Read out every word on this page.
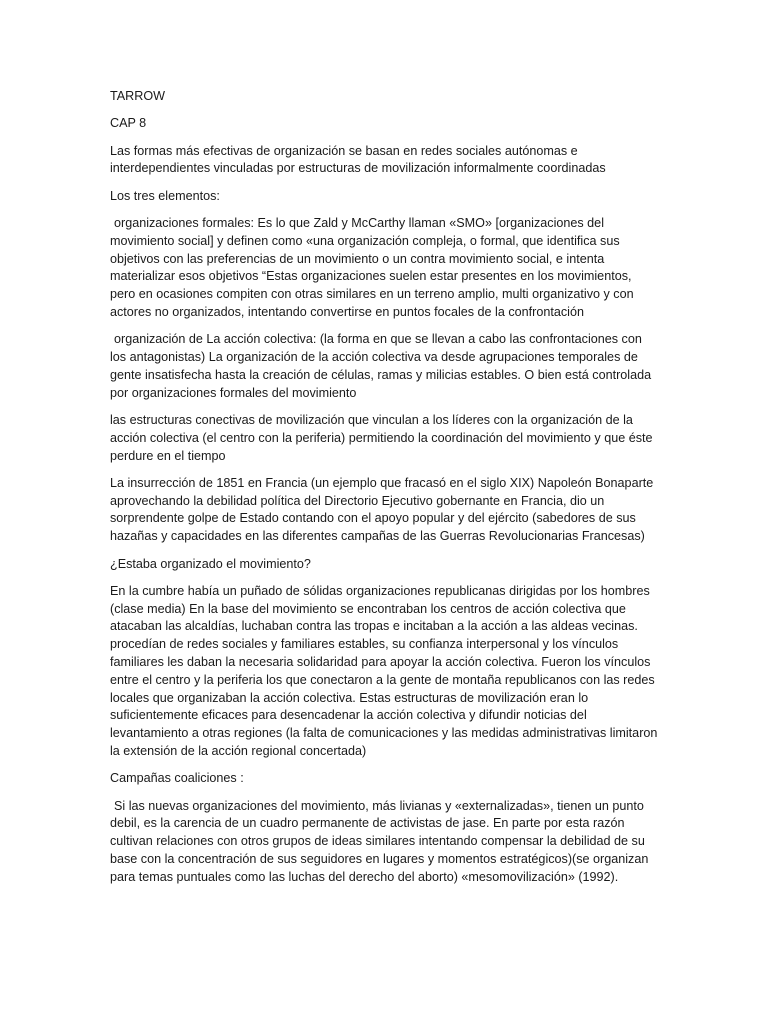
TARROW

CAP 8

Las formas más efectivas de organización se basan en redes sociales autónomas e interdependientes vinculadas por estructuras de movilización informalmente coordinadas

Los tres elementos:

organizaciones formales: Es lo que Zald y McCarthy llaman «SMO» [organizaciones del movimiento social] y definen como «una organización compleja, o formal, que identifica sus objetivos con las preferencias de un movimiento o un contra movimiento social, e intenta materializar esos objetivos “Estas organizaciones suelen estar presentes en los movimientos, pero en ocasiones compiten con otras similares en un terreno amplio, multi organizativo y con actores no organizados, intentando convertirse en puntos focales de la confrontación

organización de La acción colectiva: (la forma en que se llevan a cabo las confrontaciones con los antagonistas) La organización de la acción colectiva va desde agrupaciones temporales de gente insatisfecha hasta la creación de células, ramas y milicias estables. O bien está controlada por organizaciones formales del movimiento

las estructuras conectivas de movilización que vinculan a los líderes con la organización de la acción colectiva (el centro con la periferia) permitiendo la coordinación del movimiento y que éste perdure en el tiempo

La insurrección de 1851 en Francia (un ejemplo que fracasó en el siglo XIX) Napoleón Bonaparte aprovechando la debilidad política del Directorio Ejecutivo gobernante en Francia, dio un sorprendente golpe de Estado contando con el apoyo popular y del ejército (sabedores de sus hazañas y capacidades en las diferentes campañas de las Guerras Revolucionarias Francesas)

¿Estaba organizado el movimiento?

En la cumbre había un puñado de sólidas organizaciones republicanas dirigidas por los hombres (clase media) En la base del movimiento se encontraban los centros de acción colectiva que atacaban las alcaldías, luchaban contra las tropas e incitaban a la acción a las aldeas vecinas. procedían de redes sociales y familiares estables, su confianza interpersonal y los vínculos familiares les daban la necesaria solidaridad para apoyar la acción colectiva. Fueron los vínculos entre el centro y la periferia los que conectaron a la gente de montaña republicanos con las redes locales que organizaban la acción colectiva. Estas estructuras de movilización eran lo suficientemente eficaces para desencadenar la acción colectiva y difundir noticias del levantamiento a otras regiones (la falta de comunicaciones y las medidas administrativas limitaron la extensión de la acción regional concertada)

Campañas coaliciones :

Si las nuevas organizaciones del movimiento, más livianas y «externalizadas», tienen un punto debil, es la carencia de un cuadro permanente de activistas de jase. En parte por esta razón cultivan relaciones con otros grupos de ideas similares intentando compensar la debilidad de su base con la concentración de sus seguidores en lugares y momentos estratégicos)(se organizan para temas puntuales como las luchas del derecho del aborto) «mesomovilización» (1992).
